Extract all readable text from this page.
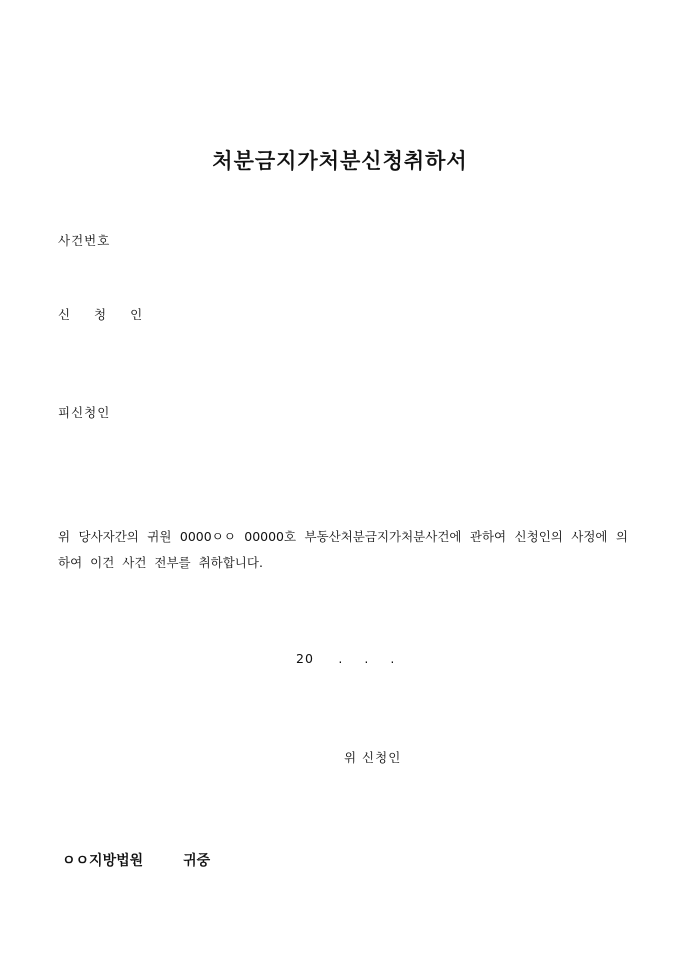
처분금지가처분신청취하서
사건번호
신 청 인
피신청인
위 당사자간의 귀원 0000ㅇㅇ 00000호 부동산처분금지가처분사건에 관하여 신청인의 사정에 의하여 이건 사건 전부를 취하합니다.
20 . . .
위 신청인
ㅇㅇ지방법원	귀중
